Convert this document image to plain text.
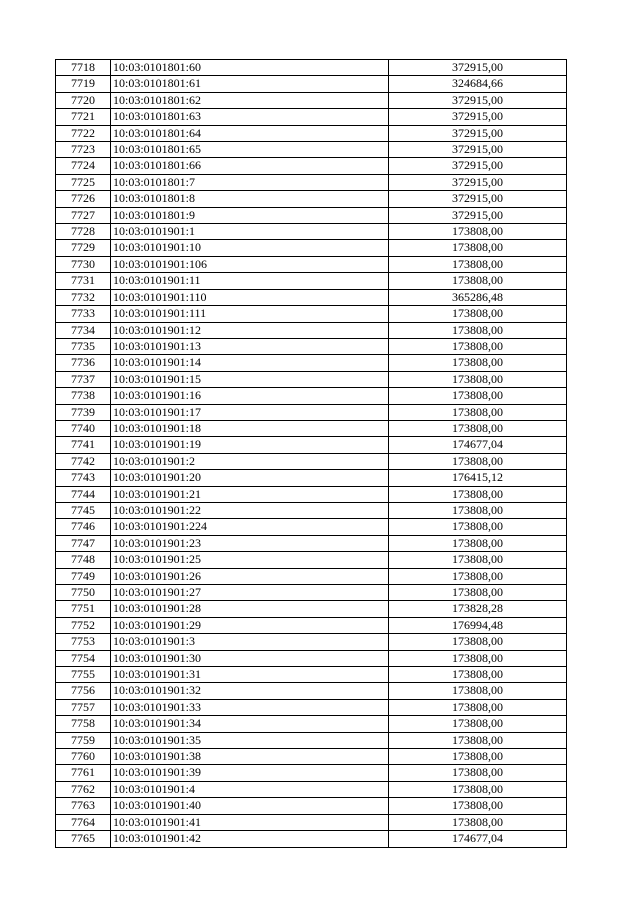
7718	10:03:0101801:60	372915,00
7719	10:03:0101801:61	324684,66
7720	10:03:0101801:62	372915,00
7721	10:03:0101801:63	372915,00
7722	10:03:0101801:64	372915,00
7723	10:03:0101801:65	372915,00
7724	10:03:0101801:66	372915,00
7725	10:03:0101801:7	372915,00
7726	10:03:0101801:8	372915,00
7727	10:03:0101801:9	372915,00
7728	10:03:0101901:1	173808,00
7729	10:03:0101901:10	173808,00
7730	10:03:0101901:106	173808,00
7731	10:03:0101901:11	173808,00
7732	10:03:0101901:110	365286,48
7733	10:03:0101901:111	173808,00
7734	10:03:0101901:12	173808,00
7735	10:03:0101901:13	173808,00
7736	10:03:0101901:14	173808,00
7737	10:03:0101901:15	173808,00
7738	10:03:0101901:16	173808,00
7739	10:03:0101901:17	173808,00
7740	10:03:0101901:18	173808,00
7741	10:03:0101901:19	174677,04
7742	10:03:0101901:2	173808,00
7743	10:03:0101901:20	176415,12
7744	10:03:0101901:21	173808,00
7745	10:03:0101901:22	173808,00
7746	10:03:0101901:224	173808,00
7747	10:03:0101901:23	173808,00
7748	10:03:0101901:25	173808,00
7749	10:03:0101901:26	173808,00
7750	10:03:0101901:27	173808,00
7751	10:03:0101901:28	173828,28
7752	10:03:0101901:29	176994,48
7753	10:03:0101901:3	173808,00
7754	10:03:0101901:30	173808,00
7755	10:03:0101901:31	173808,00
7756	10:03:0101901:32	173808,00
7757	10:03:0101901:33	173808,00
7758	10:03:0101901:34	173808,00
7759	10:03:0101901:35	173808,00
7760	10:03:0101901:38	173808,00
7761	10:03:0101901:39	173808,00
7762	10:03:0101901:4	173808,00
7763	10:03:0101901:40	173808,00
7764	10:03:0101901:41	173808,00
7765	10:03:0101901:42	174677,04
